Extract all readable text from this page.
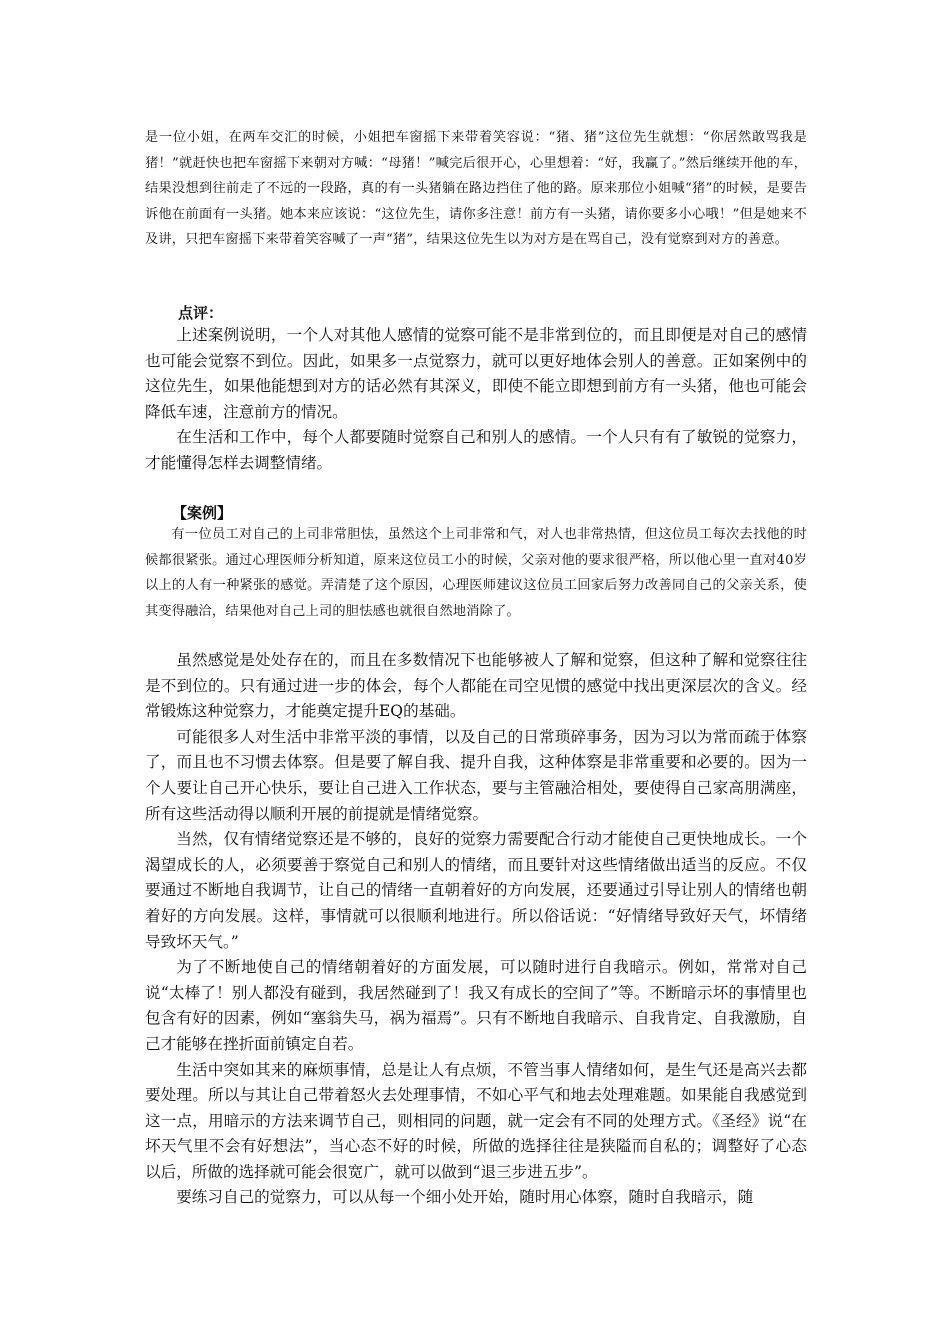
是一位小姐，在两车交汇的时候，小姐把车窗摇下来带着笑容说：“猪、猪”这位先生就想：“你居然敢骂我是猪！”就赶快也把车窗摇下来朝对方喊：“母猪！”喊完后很开心，心里想着：“好，我赢了。”然后继续开他的车，结果没想到往前走了不远的一段路，真的有一头猪躺在路边挡住了他的路。原来那位小姐喊“猪”的时候，是要告诉他在前面有一头猪。她本来应该说：“这位先生，请你多注意！前方有一头猪，请你要多小心哦！”但是她来不及讲，只把车窗摇下来带着笑容喊了一声“猪”，结果这位先生以为对方是在骂自己，没有觉察到对方的善意。

点评：

上述案例说明，一个人对其他人感情的觉察可能不是非常到位的，而且即便是对自己的感情也可能会觉察不到位。因此，如果多一点觉察力，就可以更好地体会别人的善意。正如案例中的这位先生，如果他能想到对方的话必然有其深义，即使不能立即想到前方有一头猪，他也可能会降低车速，注意前方的情况。

在生活和工作中，每个人都要随时觉察自己和别人的感情。一个人只有有了敏锐的觉察力，才能懂得怎样去调整情绪。

【案例】

有一位员工对自己的上司非常胆怯，虽然这个上司非常和气，对人也非常热情，但这位员工每次去找他的时候都很紧张。通过心理医师分析知道，原来这位员工小的时候，父亲对他的要求很严格，所以他心里一直对40岁以上的人有一种紧张的感觉。弄清楚了这个原因，心理医师建议这位员工回家后努力改善同自己的父亲关系，使其变得融洽，结果他对自己上司的胆怯感也就很自然地消除了。

虽然感觉是处处存在的，而且在多数情况下也能够被人了解和觉察，但这种了解和觉察往往是不到位的。只有通过进一步的体会，每个人都能在司空见惯的感觉中找出更深层次的含义。经常锻炼这种觉察力，才能奠定提升EQ的基础。

可能很多人对生活中非常平淡的事情，以及自己的日常琐碎事务，因为习以为常而疏于体察了，而且也不习惯去体察。但是要了解自我、提升自我，这种体察是非常重要和必要的。因为一个人要让自己开心快乐，要让自己进入工作状态，要与主管融洽相处，要使得自己家高朋满座，所有这些活动得以顺利开展的前提就是情绪觉察。

当然，仅有情绪觉察还是不够的，良好的觉察力需要配合行动才能使自己更快地成长。一个渴望成长的人，必须要善于察觉自己和别人的情绪，而且要针对这些情绪做出适当的反应。不仅要通过不断地自我调节，让自己的情绪一直朝着好的方向发展，还要通过引导让别人的情绪也朝着好的方向发展。这样，事情就可以很顺利地进行。所以俗话说：“好情绪导致好天气，坏情绪导致坏天气。”

为了不断地使自己的情绪朝着好的方面发展，可以随时进行自我暗示。例如，常常对自己说“太棒了！别人都没有碰到，我居然碰到了！我又有成长的空间了”等。不断暗示坏的事情里也包含有好的因素，例如“塞翁失马，祸为福焉”。只有不断地自我暗示、自我肯定、自我激励，自己才能够在挫折面前镇定自若。

生活中突如其来的麻烦事情，总是让人有点烦，不管当事人情绪如何，是生气还是高兴去都要处理。所以与其让自己带着怒火去处理事情，不如心平气和地去处理难题。如果能自我感觉到这一点，用暗示的方法来调节自己，则相同的问题，就一定会有不同的处理方式。《圣经》说“在坏天气里不会有好想法”，当心态不好的时候，所做的选择往往是狭隘而自私的；调整好了心态以后，所做的选择就可能会很宽广，就可以做到“退三步进五步”。

要练习自己的觉察力，可以从每一个细小处开始，随时用心体察，随时自我暗示，随
